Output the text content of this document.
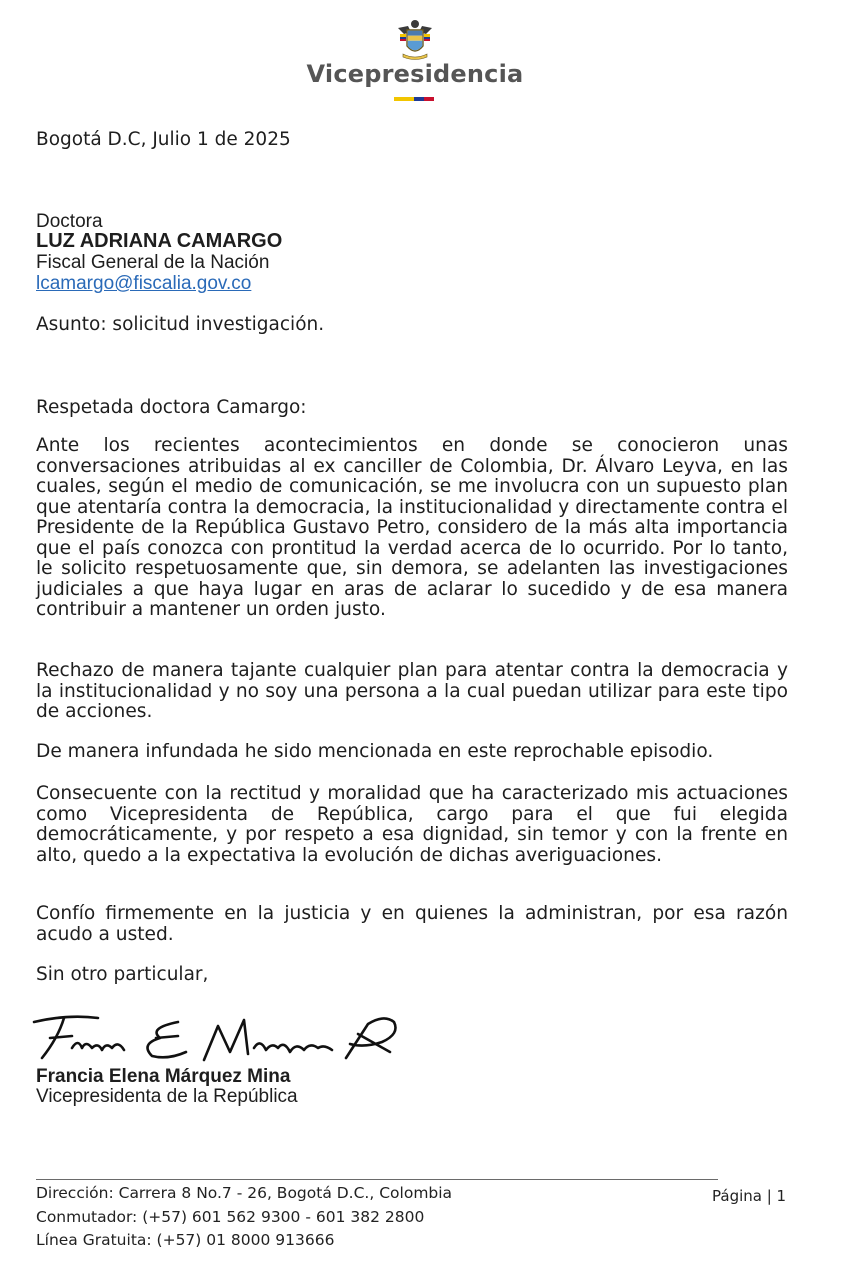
Vicepresidencia
Bogotá D.C, Julio 1 de 2025
Doctora
LUZ ADRIANA CAMARGO
Fiscal General de la Nación
lcamargo@fiscalia.gov.co
Asunto: solicitud investigación.
Respetada doctora Camargo:
Ante los recientes acontecimientos en donde se conocieron unas conversaciones atribuidas al ex canciller de Colombia, Dr. Álvaro Leyva, en las cuales, según el medio de comunicación, se me involucra con un supuesto plan que atentaría contra la democracia, la institucionalidad y directamente contra el Presidente de la República Gustavo Petro, considero de la más alta importancia que el país conozca con prontitud la verdad acerca de lo ocurrido. Por lo tanto, le solicito respetuosamente que, sin demora, se adelanten las investigaciones judiciales a que haya lugar en aras de aclarar lo sucedido y de esa manera contribuir a mantener un orden justo.
Rechazo de manera tajante cualquier plan para atentar contra la democracia y la institucionalidad y no soy una persona a la cual puedan utilizar para este tipo de acciones.
De manera infundada he sido mencionada en este reprochable episodio.
Consecuente con la rectitud y moralidad que ha caracterizado mis actuaciones como Vicepresidenta de República, cargo para el que fui elegida democráticamente, y por respeto a esa dignidad, sin temor y con la frente en alto, quedo a la expectativa la evolución de dichas averiguaciones.
Confío firmemente en la justicia y en quienes la administran, por esa razón acudo a usted.
Sin otro particular,
Francia Elena Márquez Mina
Vicepresidenta de la República
Dirección: Carrera 8 No.7 - 26, Bogotá D.C., Colombia
Conmutador: (+57) 601 562 9300 - 601 382 2800
Línea Gratuita: (+57) 01 8000 913666
Página | 1
